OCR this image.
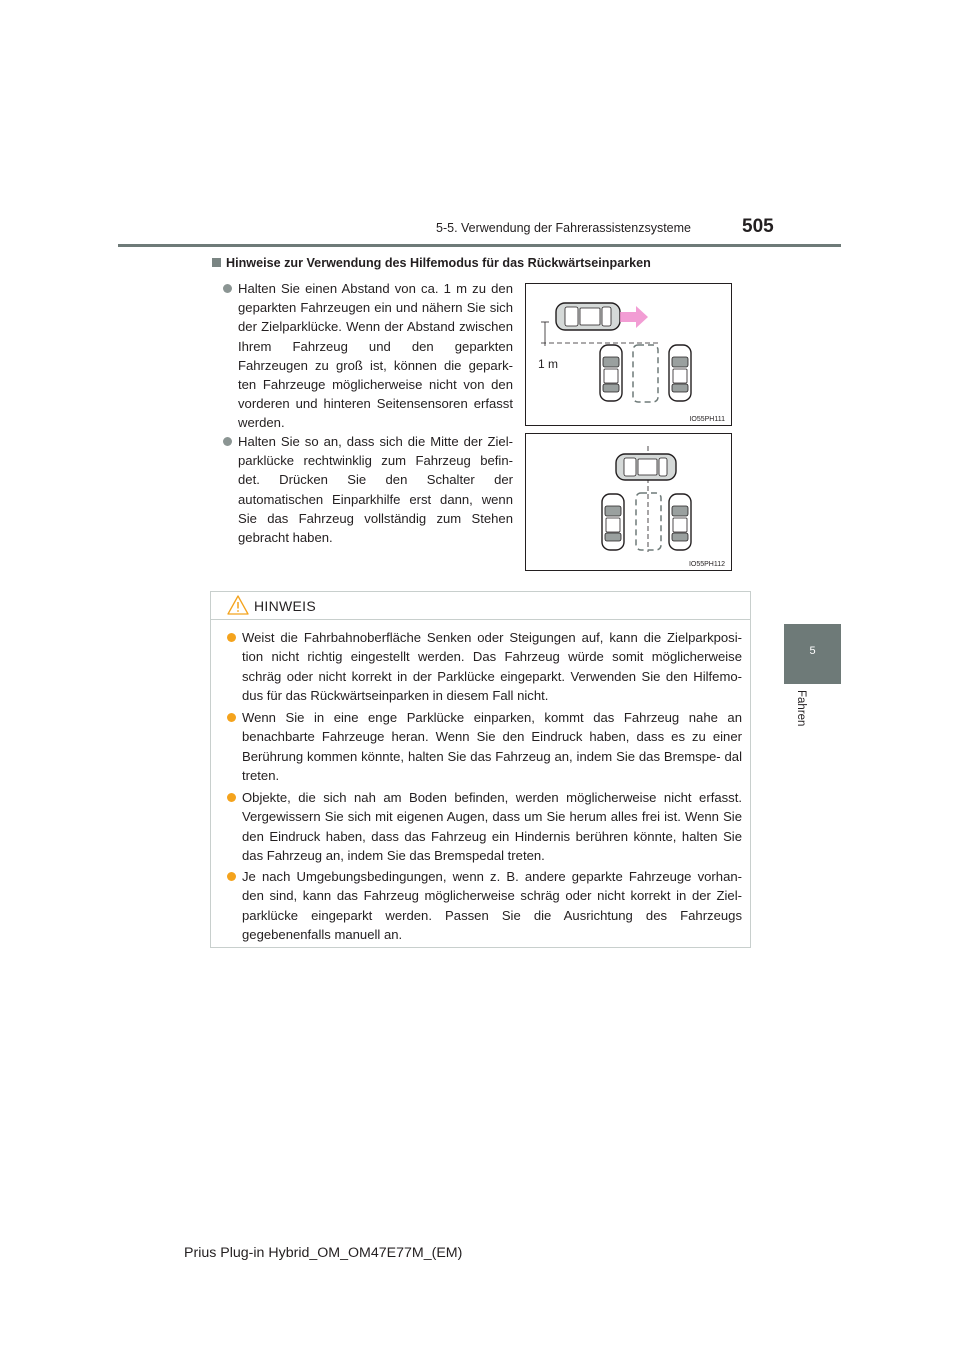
5-5. Verwendung der Fahrerassistenzsysteme	505
5
Fahren
Hinweise zur Verwendung des Hilfemodus für das Rückwärtseinparken
Halten Sie einen Abstand von ca. 1 m zu den geparkten Fahrzeugen ein und nähern Sie sich der Zielparklücke. Wenn der Abstand zwischen Ihrem Fahrzeug und den geparkten Fahrzeugen zu groß ist, können die gepark- ten Fahrzeuge möglicherweise nicht von den vorderen und hinteren Seitensensoren erfasst werden.
Halten Sie so an, dass sich die Mitte der Ziel- parklücke rechtwinklig zum Fahrzeug befin- det. Drücken Sie den Schalter der automatischen Einparkhilfe erst dann, wenn Sie das Fahrzeug vollständig zum Stehen gebracht haben.
1 m
IO55PH111
IO55PH112
HINWEIS
Weist die Fahrbahnoberfläche Senken oder Steigungen auf, kann die Zielparkposi- tion nicht richtig eingestellt werden. Das Fahrzeug würde somit möglicherweise schräg oder nicht korrekt in der Parklücke eingeparkt. Verwenden Sie den Hilfemo- dus für das Rückwärtseinparken in diesem Fall nicht.
Wenn Sie in eine enge Parklücke einparken, kommt das Fahrzeug nahe an benachbarte Fahrzeuge heran. Wenn Sie den Eindruck haben, dass es zu einer Berührung kommen könnte, halten Sie das Fahrzeug an, indem Sie das Bremspe- dal treten.
Objekte, die sich nah am Boden befinden, werden möglicherweise nicht erfasst. Vergewissern Sie sich mit eigenen Augen, dass um Sie herum alles frei ist. Wenn Sie den Eindruck haben, dass das Fahrzeug ein Hindernis berühren könnte, halten Sie das Fahrzeug an, indem Sie das Bremspedal treten.
Je nach Umgebungsbedingungen, wenn z. B. andere geparkte Fahrzeuge vorhan- den sind, kann das Fahrzeug möglicherweise schräg oder nicht korrekt in der Ziel- parklücke eingeparkt werden. Passen Sie die Ausrichtung des Fahrzeugs gegebenenfalls manuell an.
Prius Plug-in Hybrid_OM_OM47E77M_(EM)
